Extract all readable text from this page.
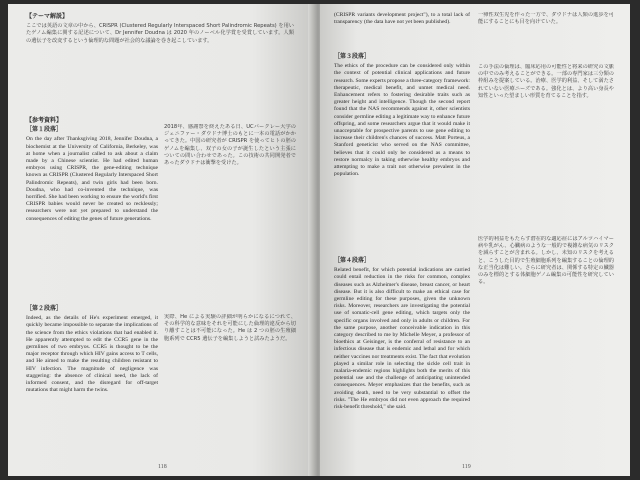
【テーマ解説】

ここでは英語の文章の中から、CRISPR (Clustered Regularly Interspaced Short Palindromic Repeats) を用いたゲノム編集に関する記述について、Dr Jennifer Doudna は 2020 年のノーベル化学賞を受賞しています。人類の遺伝子を改変するという倫理的な問題が社会的な議論を巻き起こしています。

【参考資料】
［第１段落］

On the day after Thanksgiving 2018, Jennifer Doudna, a biochemist at the University of California, Berkeley, was at home when a journalist called to ask about a claim made by a Chinese scientist. He had edited human embryos using CRISPR, the gene-editing technique known as CRISPR (Clustered Regularly Interspaced Short Palindromic Repeats), and twin girls had been born. Doudna, who had co-invented the technique, was horrified. She had been working to ensure the world's first CRISPR babies would never be created so recklessly; researchers were not yet prepared to understand the consequences of editing the genes of future generations.

2018年、感謝祭を終えたある日、UCバークレー大学のジェニファー・ダウドナ博士のもとに一本の電話がかかってきた。中国の研究者が CRISPR を使ってヒトの胚のゲノムを編集し、双子の女の子が誕生したという主張についての問い合わせであった。この技術の共同開発者であったダウドナは衝撃を受けた。

［第２段落］

Indeed, as the details of He's experiment emerged, it quickly became impossible to separate the implications of the science from the ethics violations that had enabled it. He apparently attempted to edit the CCR5 gene in the germlines of two embryos. CCR5 is thought to be the major receptor through which HIV gains access to T cells, and He aimed to make the resulting children resistant to HIV infection. The magnitude of negligence was staggering: the absence of clinical need, the lack of informed consent, and the disregard for off-target mutations that might harm the twins.

実際、He による実験の詳細が明らかになるにつれて、その科学的な意味をそれを可能にした倫理的違反から切り離すことは不可能になった。He は 2 つの胚の生殖細胞系列で CCR5 遺伝子を編集しようと試みたようだ。

118

(CRISPR variants development project"), to a total lack of transparency (the data have not yet been published).

一卵性双生児を作った一方で、ダウドナは人類の進歩を可能にすることにも目を向けていた。

［第３段落］

The ethics of the procedure can be considered only within the context of potential clinical applications and future research. Some experts propose a three-category framework: therapeutic, medical benefit, and unmet medical need. Enhancement refers to fostering desirable traits such as greater height and intelligence. Though the second report found that the NAS recommends against it, other scientists consider germline editing a legitimate way to enhance future offspring, and some researchers argue that it would make it unacceptable for prospective parents to use gene editing to increase their children's chances of success. Matt Porteus, a Stanford geneticist who served on the NAS committee, believes that it could only be considered as a means to restore normalcy in taking otherwise healthy embryos and attempting to make a trait not otherwise prevalent in the population.

この手法の倫理は、臨床応用の可能性と将来の研究の文脈の中でのみ考えることができる。一部の専門家は三分類の枠組みを提案している。治療、医学的利益、そして満たされていない医療ニーズである。強化とは、より高い身長や知性といった望ましい形質を育てることを指す。

［第４段落］

Related benefit, for which potential indications are carried could entail reduction in the risks for common, complex diseases such as Alzheimer's disease, breast cancer, or heart disease. But it is also difficult to make an ethical case for germline editing for these purposes, given the unknown risks. Moreover, researchers are investigating the potential use of somatic-cell gene editing, which targets only the specific organs involved and only in adults or children. For the same purpose, another conceivable indication in this category described to me by Michelle Meyer, a professor of bioethics at Geisinger, is the conferral of resistance to an infectious disease that is endemic and lethal and for which neither vaccines nor treatments exist. The fact that evolution played a similar role in selecting the sickle cell trait in malaria-endemic regions highlights both the merits of this potential use and the challenge of anticipating unintended consequences. Meyer emphasizes that the benefits, such as avoiding death, need to be very substantial to offset the risks. "The He embryos did not even approach the required risk-benefit threshold," she said.

医学的利益をもたらす潜在的な適応症にはアルツハイマー病や乳がん、心臓病のような一般的で複雑な病気のリスクを減らすことが含まれる。しかし、未知のリスクを考えると、こうした目的で生殖細胞系列を編集することの倫理的な正当化は難しい。さらに研究者は、関係する特定の臓器のみを標的とする体細胞ゲノム編集の可能性を研究している。

119
